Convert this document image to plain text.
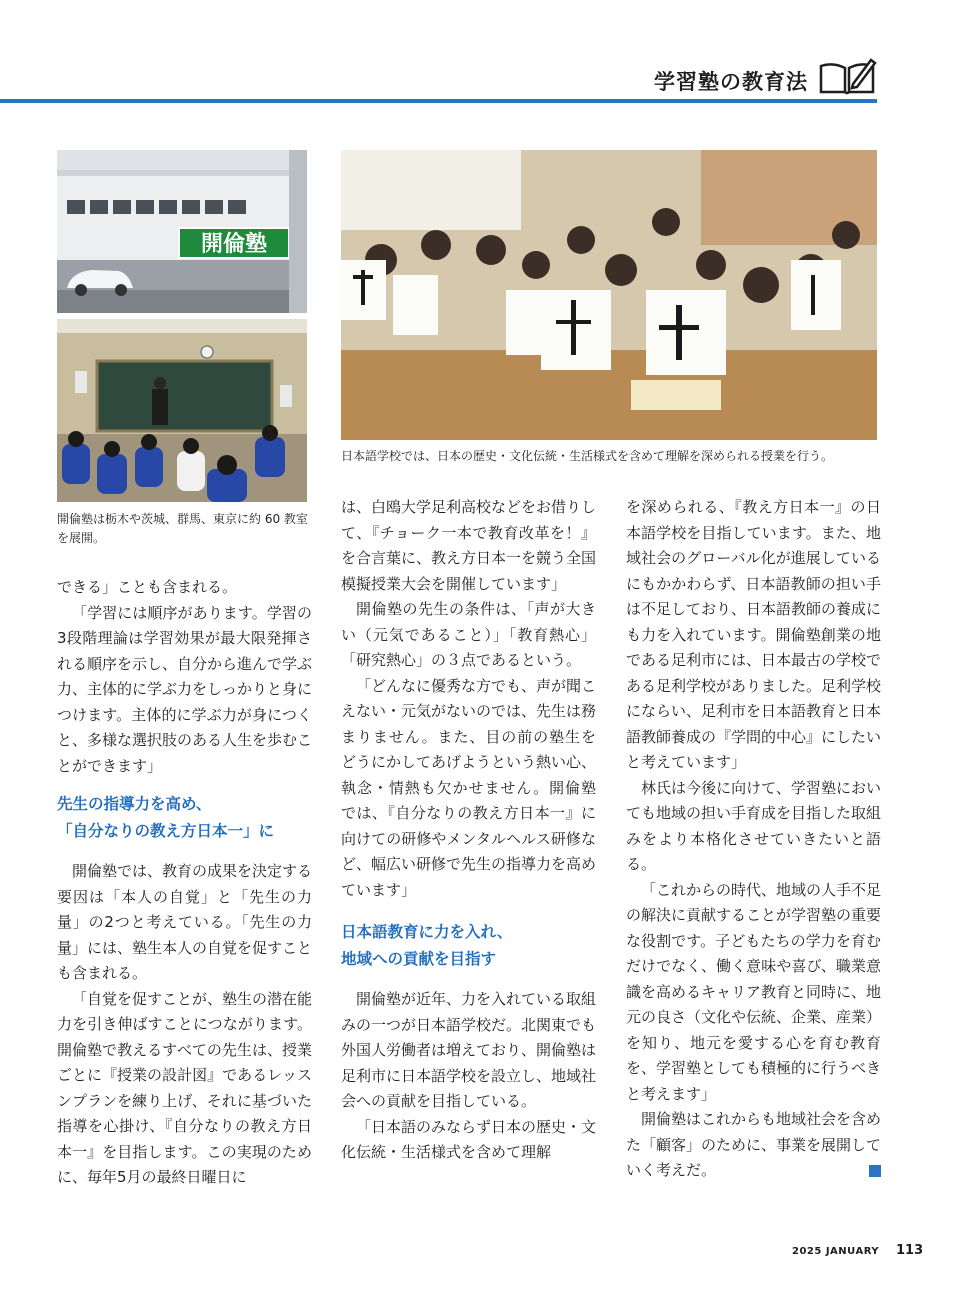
学習塾の教育法
開倫塾
開倫塾は栃木や茨城、群馬、東京に約 60 教室を展開。
日本語学校では、日本の歴史・文化伝統・生活様式を含めて理解を深められる授業を行う。

できる」ことも含まれる。

「学習には順序があります。学習の3段階理論は学習効果が最大限発揮される順序を示し、自分から進んで学ぶ力、主体的に学ぶ力をしっかりと身につけます。主体的に学ぶ力が身につくと、多様な選択肢のある人生を歩むことができます」

先生の指導力を高め、
「自分なりの教え方日本一」に

開倫塾では、教育の成果を決定する要因は「本人の自覚」と「先生の力量」の2つと考えている。「先生の力量」には、塾生本人の自覚を促すことも含まれる。

「自覚を促すことが、塾生の潜在能力を引き伸ばすことにつながります。開倫塾で教えるすべての先生は、授業ごとに『授業の設計図』であるレッスンプランを練り上げ、それに基づいた指導を心掛け、『自分なりの教え方日本一』を目指します。この実現のために、毎年5月の最終日曜日に

は、白鴎大学足利高校などをお借りして、『チョーク一本で教育改革を！』を合言葉に、教え方日本一を競う全国模擬授業大会を開催しています」

開倫塾の先生の条件は、「声が大きい（元気であること）」「教育熱心」「研究熱心」の３点であるという。

「どんなに優秀な方でも、声が聞こえない・元気がないのでは、先生は務まりません。また、目の前の塾生をどうにかしてあげようという熱い心、執念・情熱も欠かせません。開倫塾では、『自分なりの教え方日本一』に向けての研修やメンタルヘルス研修など、幅広い研修で先生の指導力を高めています」

日本語教育に力を入れ、
地域への貢献を目指す

開倫塾が近年、力を入れている取組みの一つが日本語学校だ。北関東でも外国人労働者は増えており、開倫塾は足利市に日本語学校を設立し、地域社会への貢献を目指している。

「日本語のみならず日本の歴史・文化伝統・生活様式を含めて理解

を深められる、『教え方日本一』の日本語学校を目指しています。また、地域社会のグローバル化が進展しているにもかかわらず、日本語教師の担い手は不足しており、日本語教師の養成にも力を入れています。開倫塾創業の地である足利市には、日本最古の学校である足利学校がありました。足利学校にならい、足利市を日本語教育と日本語教師養成の『学問的中心』にしたいと考えています」

林氏は今後に向けて、学習塾においても地域の担い手育成を目指した取組みをより本格化させていきたいと語る。

「これからの時代、地域の人手不足の解決に貢献することが学習塾の重要な役割です。子どもたちの学力を育むだけでなく、働く意味や喜び、職業意識を高めるキャリア教育と同時に、地元の良さ（文化や伝統、企業、産業）を知り、地元を愛する心を育む教育を、学習塾としても積極的に行うべきと考えます」

開倫塾はこれからも地域社会を含めた「顧客」のために、事業を展開していく考えだ。

2025 JANUARY 113
